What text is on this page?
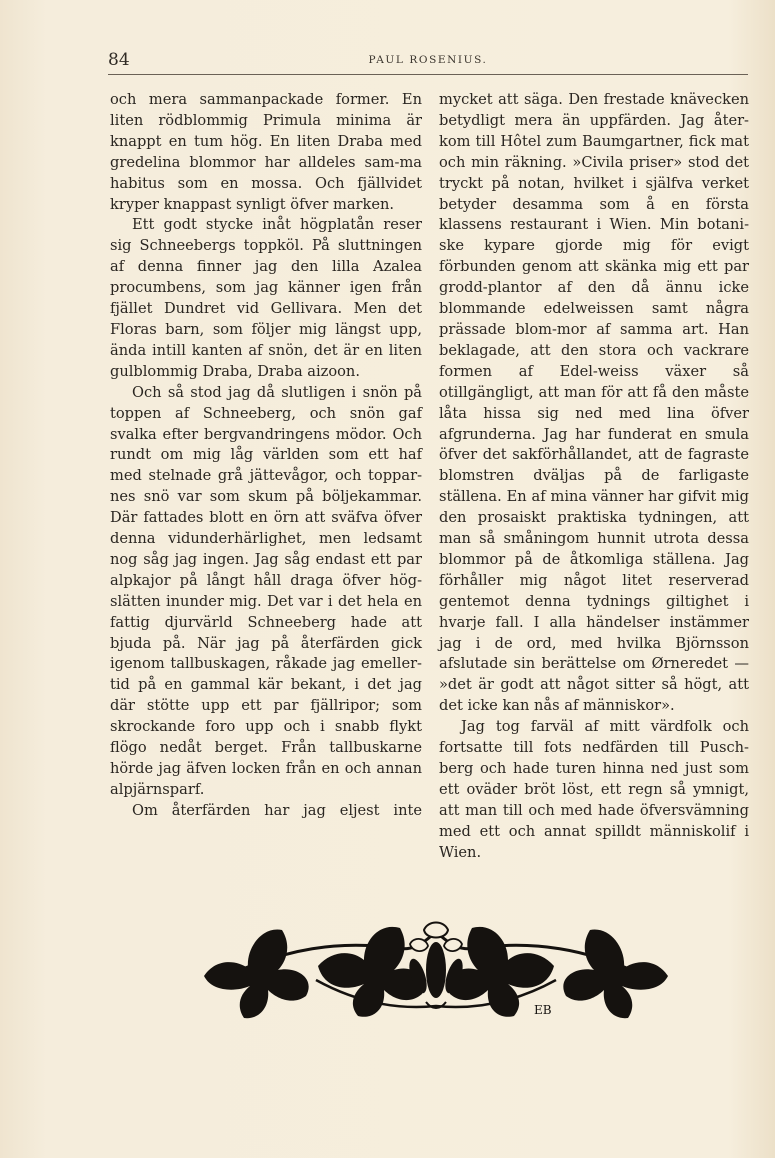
84	PAUL ROSENIUS.

och mera sammanpackade former. En liten rödblommig Primula minima är knappt en tum hög. En liten Draba med gredelina blommor har alldeles sam-ma habitus som en mossa. Och fjällvidet kryper knappast synligt öfver marken.

Ett godt stycke inåt högplatån reser sig Schneebergs toppköl. På sluttningen af denna finner jag den lilla Azalea procumbens, som jag känner igen från fjället Dundret vid Gellivara. Men det Floras barn, som följer mig längst upp, ända intill kanten af snön, det är en liten gulblommig Draba, Draba aizoon.

Och så stod jag då slutligen i snön på toppen af Schneeberg, och snön gaf svalka efter bergvandringens mödor. Och rundt om mig låg världen som ett haf med stelnade grå jättevågor, och toppar-nes snö var som skum på böljekammar. Där fattades blott en örn att sväfva öfver denna vidunderhärlighet, men ledsamt nog såg jag ingen. Jag såg endast ett par alpkajor på långt håll draga öfver hög-slätten inunder mig. Det var i det hela en fattig djurvärld Schneeberg hade att bjuda på. När jag på återfärden gick igenom tallbuskagen, råkade jag emeller-tid på en gammal kär bekant, i det jag där stötte upp ett par fjällripor; som skrockande foro upp och i snabb flykt flögo nedåt berget. Från tallbuskarne hörde jag äfven locken från en och annan alpjärnsparf.

Om återfärden har jag eljest inte

mycket att säga. Den frestade knävecken betydligt mera än uppfärden. Jag åter-kom till Hôtel zum Baumgartner, fick mat och min räkning. »Civila priser» stod det tryckt på notan, hvilket i själfva verket betyder desamma som å en första klassens restaurant i Wien. Min botani-ske kypare gjorde mig för evigt förbunden genom att skänka mig ett par grodd-plantor af den då ännu icke blommande edelweissen samt några prässade blom-mor af samma art. Han beklagade, att den stora och vackrare formen af Edel-weiss växer så otillgängligt, att man för att få den måste låta hissa sig ned med lina öfver afgrunderna. Jag har funderat en smula öfver det sakförhållandet, att de fagraste blomstren dväljas på de farligaste ställena. En af mina vänner har gifvit mig den prosaiskt praktiska tydningen, att man så småningom hunnit utrota dessa blommor på de åtkomliga ställena. Jag förhåller mig något litet reserverad gentemot denna tydnings giltighet i hvarje fall. I alla händelser instämmer jag i de ord, med hvilka Björnsson afslutade sin berättelse om Ørneredet — »det är godt att något sitter så högt, att det icke kan nås af människor».

Jag tog farväl af mitt värdfolk och fortsatte till fots nedfärden till Pusch-berg och hade turen hinna ned just som ett oväder bröt löst, ett regn så ymnigt, att man till och med hade öfversvämning med ett och annat spilldt människolif i Wien.

EB
